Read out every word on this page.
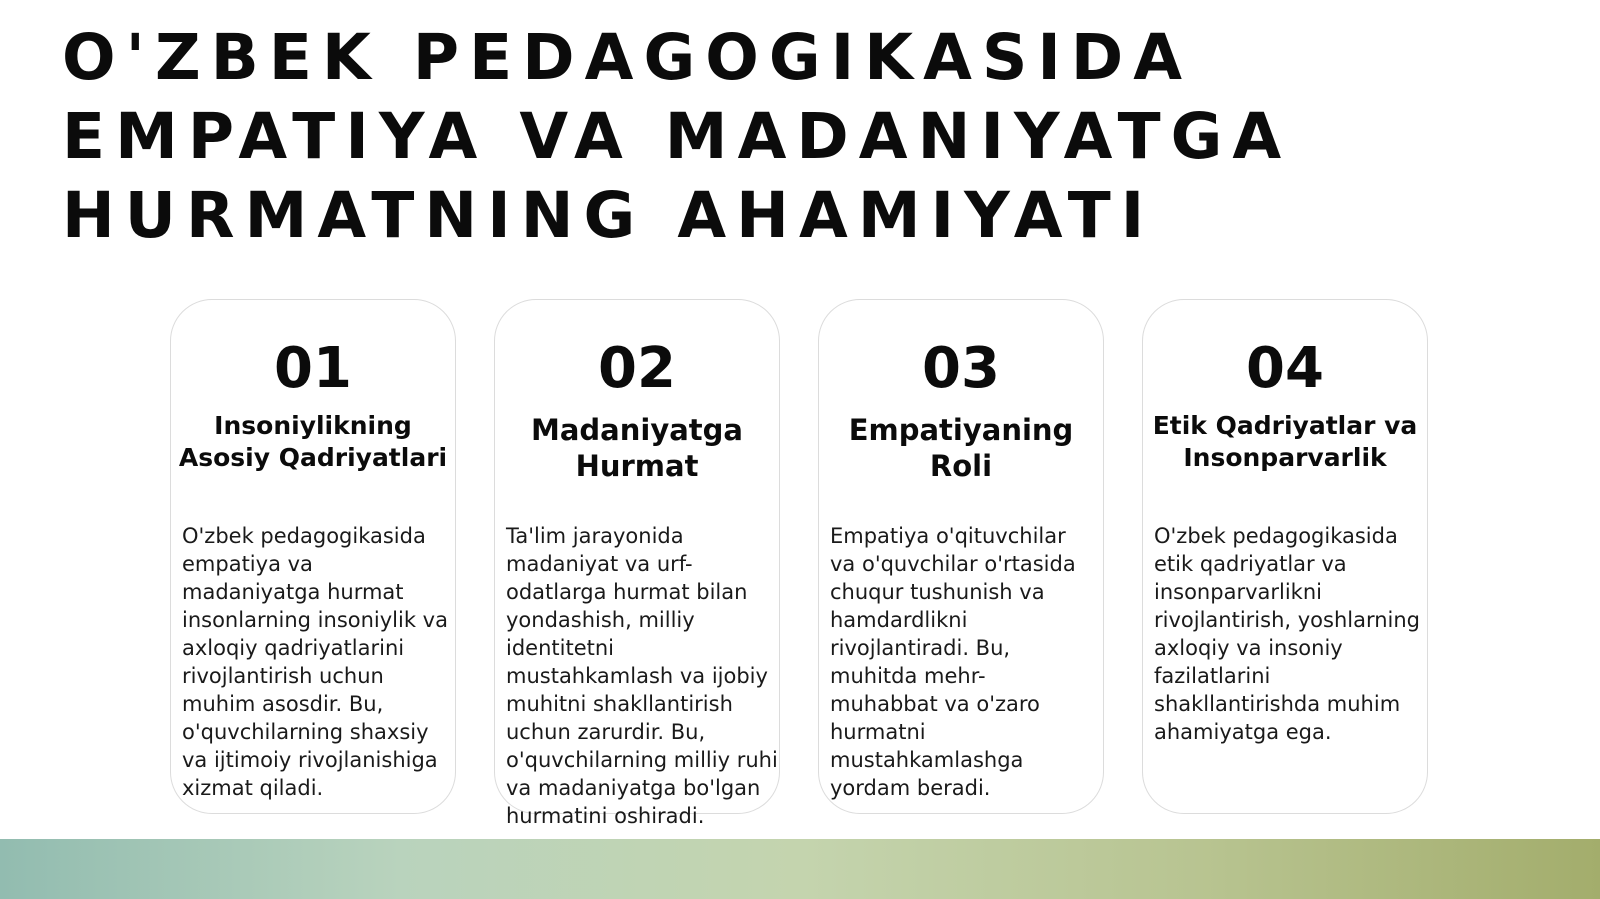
O'ZBEK PEDAGOGIKASIDA EMPATIYA VA MADANIYATGA HURMATNING AHAMIYATI
01
Insoniylikning Asosiy Qadriyatlari
O'zbek pedagogikasida empatiya va madaniyatga hurmat insonlarning insoniylik va axloqiy qadriyatlarini rivojlantirish uchun muhim asosdir. Bu, o'quvchilarning shaxsiy va ijtimoiy rivojlanishiga xizmat qiladi.
02
Madaniyatga Hurmat
Ta'lim jarayonida madaniyat va urf-odatlarga hurmat bilan yondashish, milliy identitetni mustahkamlash va ijobiy muhitni shakllantirish uchun zarurdir. Bu, o'quvchilarning milliy ruhi va madaniyatga bo'lgan hurmatini oshiradi.
03
Empatiyaning Roli
Empatiya o'qituvchilar va o'quvchilar o'rtasida chuqur tushunish va hamdardlikni rivojlantiradi. Bu, muhitda mehr-muhabbat va o'zaro hurmatni mustahkamlashga yordam beradi.
04
Etik Qadriyatlar va Insonparvarlik
O'zbek pedagogikasida etik qadriyatlar va insonparvarlikni rivojlantirish, yoshlarning axloqiy va insoniy fazilatlarini shakllantirishda muhim ahamiyatga ega.
